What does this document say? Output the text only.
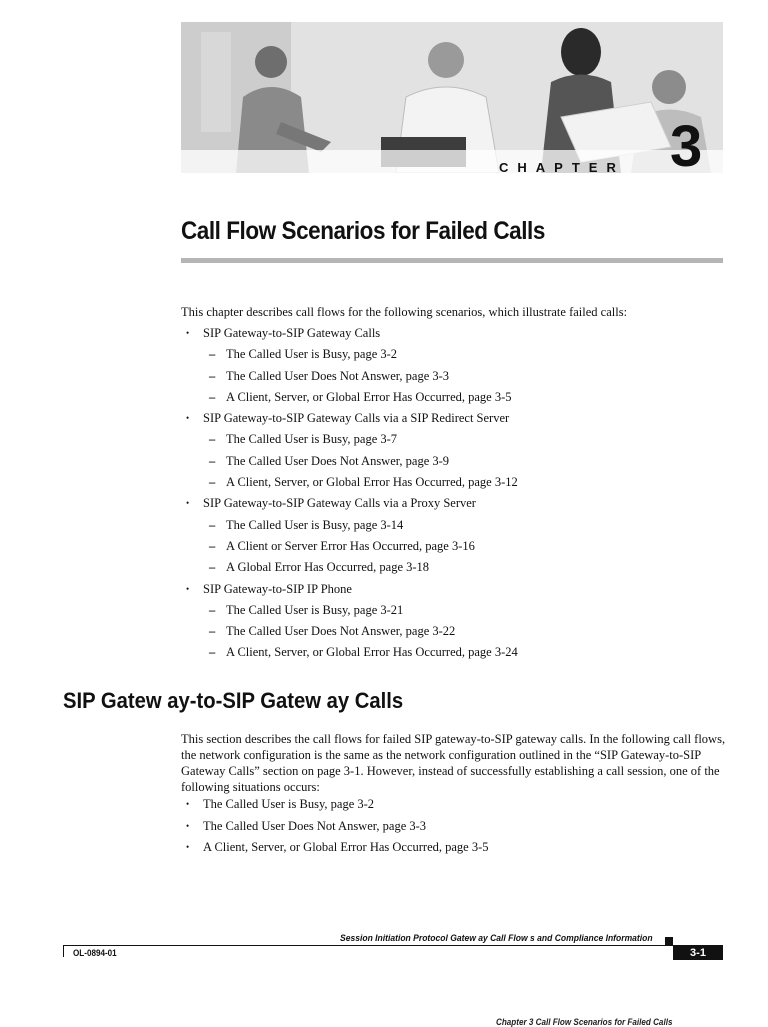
CHAPTER 3
Call Flow Scenarios for Failed Calls
This chapter describes call flows for the following scenarios, which illustrate failed calls:
• SIP Gateway-to-SIP Gateway Calls
– The Called User is Busy, page 3-2
– The Called User Does Not Answer, page 3-3
– A Client, Server, or Global Error Has Occurred, page 3-5
• SIP Gateway-to-SIP Gateway Calls via a SIP Redirect Server
– The Called User is Busy, page 3-7
– The Called User Does Not Answer, page 3-9
– A Client, Server, or Global Error Has Occurred, page 3-12
• SIP Gateway-to-SIP Gateway Calls via a Proxy Server
– The Called User is Busy, page 3-14
– A Client or Server Error Has Occurred, page 3-16
– A Global Error Has Occurred, page 3-18
• SIP Gateway-to-SIP IP Phone
– The Called User is Busy, page 3-21
– The Called User Does Not Answer, page 3-22
– A Client, Server, or Global Error Has Occurred, page 3-24
SIP Gatew ay-to-SIP Gatew ay Calls
This section describes the call flows for failed SIP gateway-to-SIP gateway calls. In the following call flows, the network configuration is the same as the network configuration outlined in the “SIP Gateway-to-SIP Gateway Calls” section on page 3-1. However, instead of successfully establishing a call session, one of the following situations occurs:
• The Called User is Busy, page 3-2
• The Called User Does Not Answer, page 3-3
• A Client, Server, or Global Error Has Occurred, page 3-5
Session Initiation Protocol Gatew ay Call Flow s and Compliance Information
OL-0894-01	3-1
Chapter 3 Call Flow Scenarios for Failed Calls
